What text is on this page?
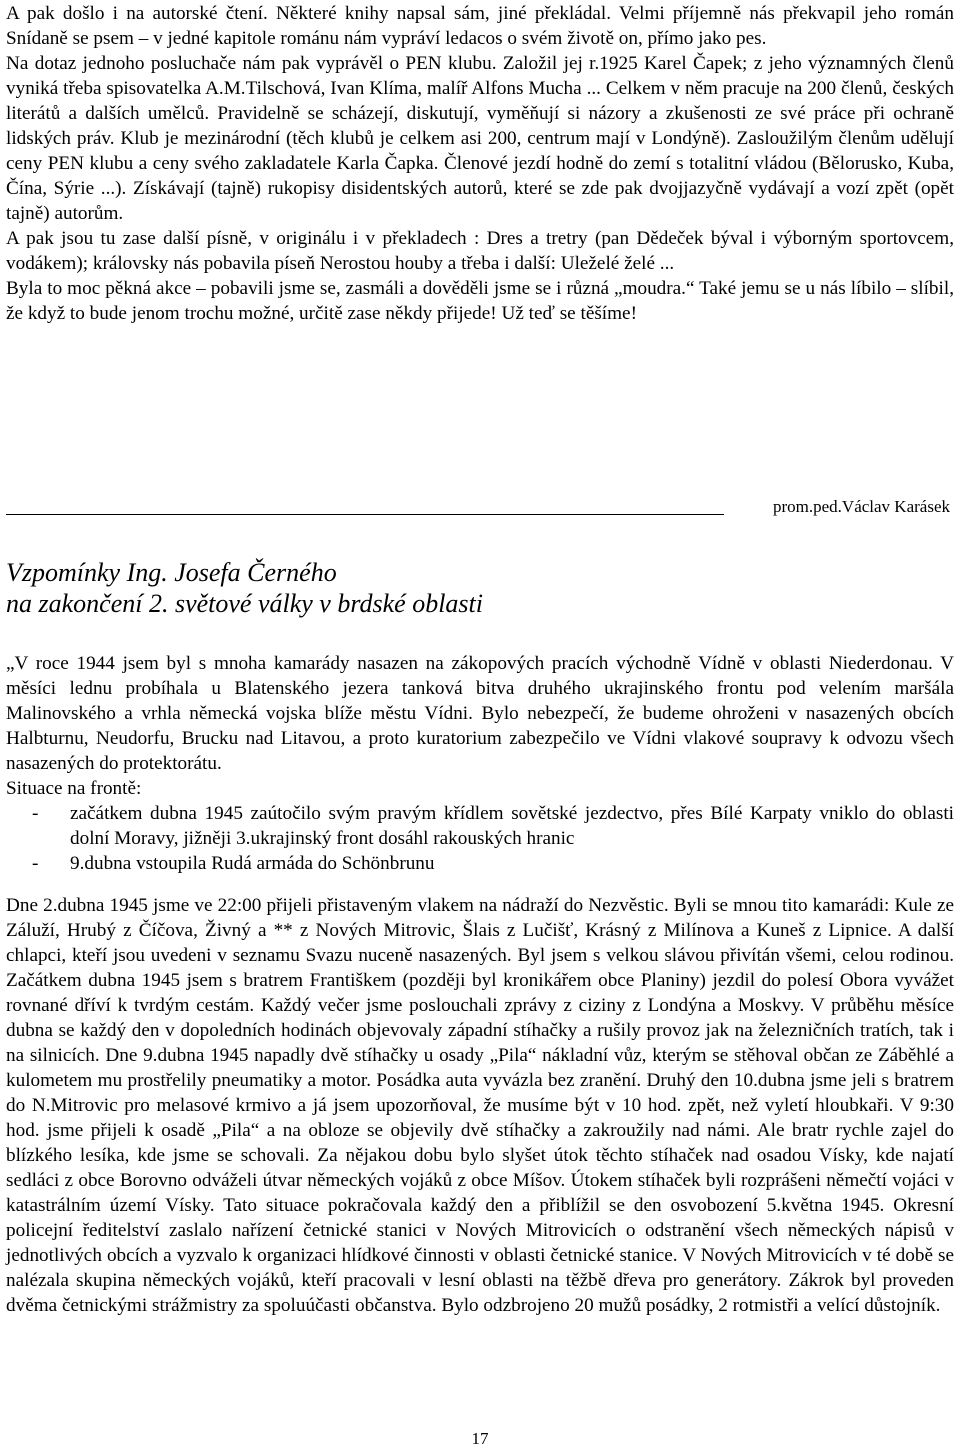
A pak došlo i na autorské čtení. Některé knihy napsal sám, jiné překládal. Velmi příjemně nás překvapil jeho román Snídaně se psem – v jedné kapitole románu nám vypráví ledacos o svém životě on, přímo jako pes.

Na dotaz jednoho posluchače nám pak vyprávěl o PEN klubu. Založil jej r.1925 Karel Čapek; z jeho významných členů vyniká třeba spisovatelka A.M.Tilschová, Ivan Klíma, malíř Alfons Mucha ... Celkem v něm pracuje na 200 členů, českých literátů a dalších umělců. Pravidelně se scházejí, diskutují, vyměňují si názory a zkušenosti ze své práce při ochraně lidských práv. Klub je mezinárodní (těch klubů je celkem asi 200, centrum mají v Londýně). Zasloužilým členům udělují ceny PEN klubu a ceny svého zakladatele Karla Čapka. Členové jezdí hodně do zemí s totalitní vládou (Bělorusko, Kuba, Čína, Sýrie ...). Získávají (tajně) rukopisy disidentských autorů, které se zde pak dvojjazyčně vydávají a vozí zpět (opět tajně) autorům.

A pak jsou tu zase další písně, v originálu i v překladech : Dres a tretry (pan Dědeček býval i výborným sportovcem, vodákem); královsky nás pobavila píseň Nerostou houby a třeba i další: Uleželé želé ...

Byla to moc pěkná akce – pobavili jsme se, zasmáli a dověděli jsme se i různá „moudra.“ Také jemu se u nás líbilo – slíbil, že když to bude jenom trochu možné, určitě zase někdy přijede! Už teď se těšíme!

prom.ped.Václav Karásek
Vzpomínky Ing. Josefa Černého
na zakončení 2. světové války v brdské oblasti

„V roce 1944 jsem byl s mnoha kamarády nasazen na zákopových pracích východně Vídně v oblasti Niederdonau. V měsíci lednu probíhala u Blatenského jezera tanková bitva druhého ukrajinského frontu pod velením maršála Malinovského a vrhla německá vojska blíže městu Vídni. Bylo nebezpečí, že budeme ohroženi v nasazených obcích Halbturnu, Neudorfu, Brucku nad Litavou, a proto kuratorium zabezpečilo ve Vídni vlakové soupravy k odvozu všech nasazených do protektorátu.

Situace na frontě:

- začátkem dubna 1945 zaútočilo svým pravým křídlem sovětské jezdectvo, přes Bílé Karpaty vniklo do oblasti dolní Moravy, jižněji 3.ukrajinský front dosáhl rakouských hranic
- 9.dubna vstoupila Rudá armáda do Schönbrunu

Dne 2.dubna 1945 jsme ve 22:00 přijeli přistaveným vlakem na nádraží do Nezvěstic. Byli se mnou tito kamarádi: Kule ze Záluží, Hrubý z Číčova, Živný a ** z Nových Mitrovic, Šlais z Lučišť, Krásný z Milínova a Kuneš z Lipnice. A další chlapci, kteří jsou uvedeni v seznamu Svazu nuceně nasazených. Byl jsem s velkou slávou přivítán všemi, celou rodinou. Začátkem dubna 1945 jsem s bratrem Františkem (později byl kronikářem obce Planiny) jezdil do polesí Obora vyvážet rovnané dříví k tvrdým cestám. Každý večer jsme poslouchali zprávy z ciziny z Londýna a Moskvy. V průběhu měsíce dubna se každý den v dopoledních hodinách objevovaly západní stíhačky a rušily provoz jak na železničních tratích, tak i na silnicích. Dne 9.dubna 1945 napadly dvě stíhačky u osady „Pila“ nákladní vůz, kterým se stěhoval občan ze Záběhlé a kulometem mu prostřelily pneumatiky a motor. Posádka auta vyvázla bez zranění. Druhý den 10.dubna jsme jeli s bratrem do N.Mitrovic pro melasové krmivo a já jsem upozorňoval, že musíme být v 10 hod. zpět, než vyletí hloubkaři. V 9:30 hod. jsme přijeli k osadě „Pila“ a na obloze se objevily dvě stíhačky a zakroužily nad námi. Ale bratr rychle zajel do blízkého lesíka, kde jsme se schovali. Za nějakou dobu bylo slyšet útok těchto stíhaček nad osadou Vísky, kde najatí sedláci z obce Borovno odváželi útvar německých vojáků z obce Míšov. Útokem stíhaček byli rozprášeni němečtí vojáci v katastrálním území Vísky. Tato situace pokračovala každý den a přiblížil se den osvobození 5.května 1945. Okresní policejní ředitelství zaslalo nařízení četnické stanici v Nových Mitrovicích o odstranění všech německých nápisů v jednotlivých obcích a vyzvalo k organizaci hlídkové činnosti v oblasti četnické stanice. V Nových Mitrovicích v té době se nalézala skupina německých vojáků, kteří pracovali v lesní oblasti na těžbě dřeva pro generátory. Zákrok byl proveden dvěma četnickými strážmistry za spoluúčasti občanstva. Bylo odzbrojeno 20 mužů posádky, 2 rotmistři a velící důstojník.

17
